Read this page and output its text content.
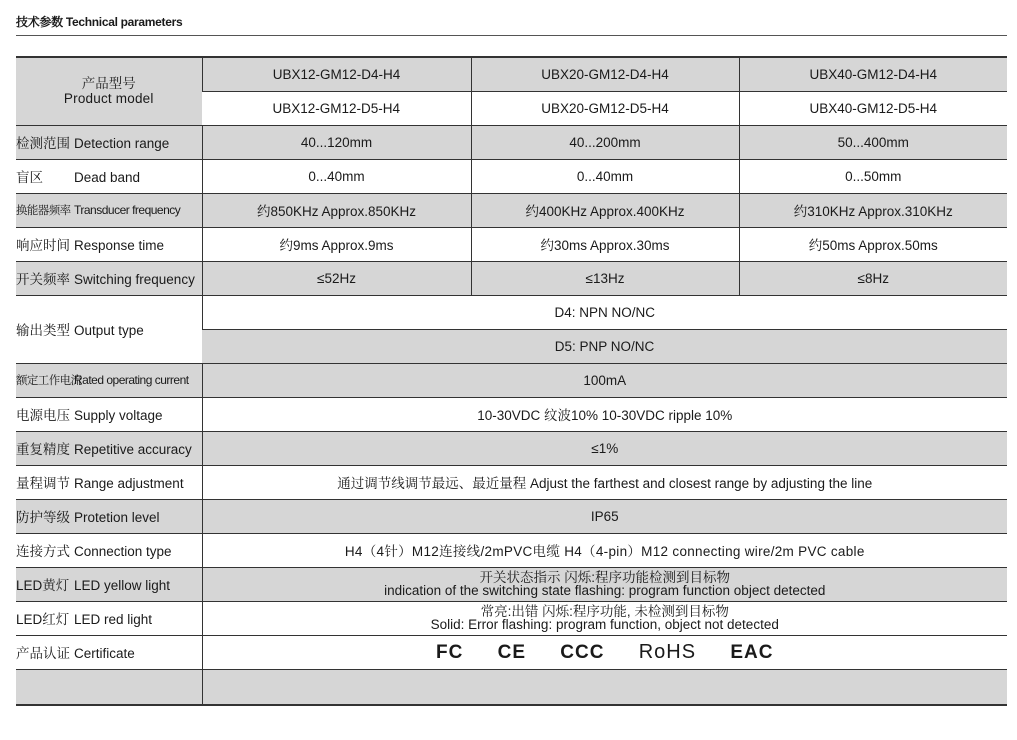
技术参数 Technical parameters
产品型号
Product model	UBX12-GM12-D4-H4	UBX20-GM12-D4-H4	UBX40-GM12-D4-H4
	UBX12-GM12-D5-H4	UBX20-GM12-D5-H4	UBX40-GM12-D5-H4
检测范围 Detection range	40...120mm	40...200mm	50...400mm
盲区 Dead band	0...40mm	0...40mm	0...50mm
换能器频率 Transducer frequency	约850KHz Approx.850KHz	约400KHz Approx.400KHz	约310KHz Approx.310KHz
响应时间 Response time	约9ms Approx.9ms	约30ms Approx.30ms	约50ms Approx.50ms
开关频率 Switching frequency	≤52Hz	≤13Hz	≤8Hz
输出类型 Output type	D4: NPN NO/NC		
	D5: PNP NO/NC		
额定工作电流Rated operating current	100mA		
电源电压 Supply voltage	10-30VDC 纹波10% 10-30VDC ripple 10%		
重复精度 Repetitive accuracy	≤1%		
量程调节 Range adjustment	通过调节线调节最远、最近量程 Adjust the farthest and closest range by adjusting the line		
防护等级 Protetion level	IP65		
连接方式 Connection type	H4（4针）M12连接线/2mPVC电缆 H4（4-pin）M12 connecting wire/2m PVC cable		
LED黄灯 LED yellow light	开关状态指示 闪烁:程序功能检测到目标物
indication of the switching state flashing: program function object detected		

LED红灯 LED red light	常亮:出错 闪烁:程序功能, 未检测到目标物
Solid: Error flashing: program function, object not detected		

产品认证 Certificate	FC CE CCC RoHS EAC		
